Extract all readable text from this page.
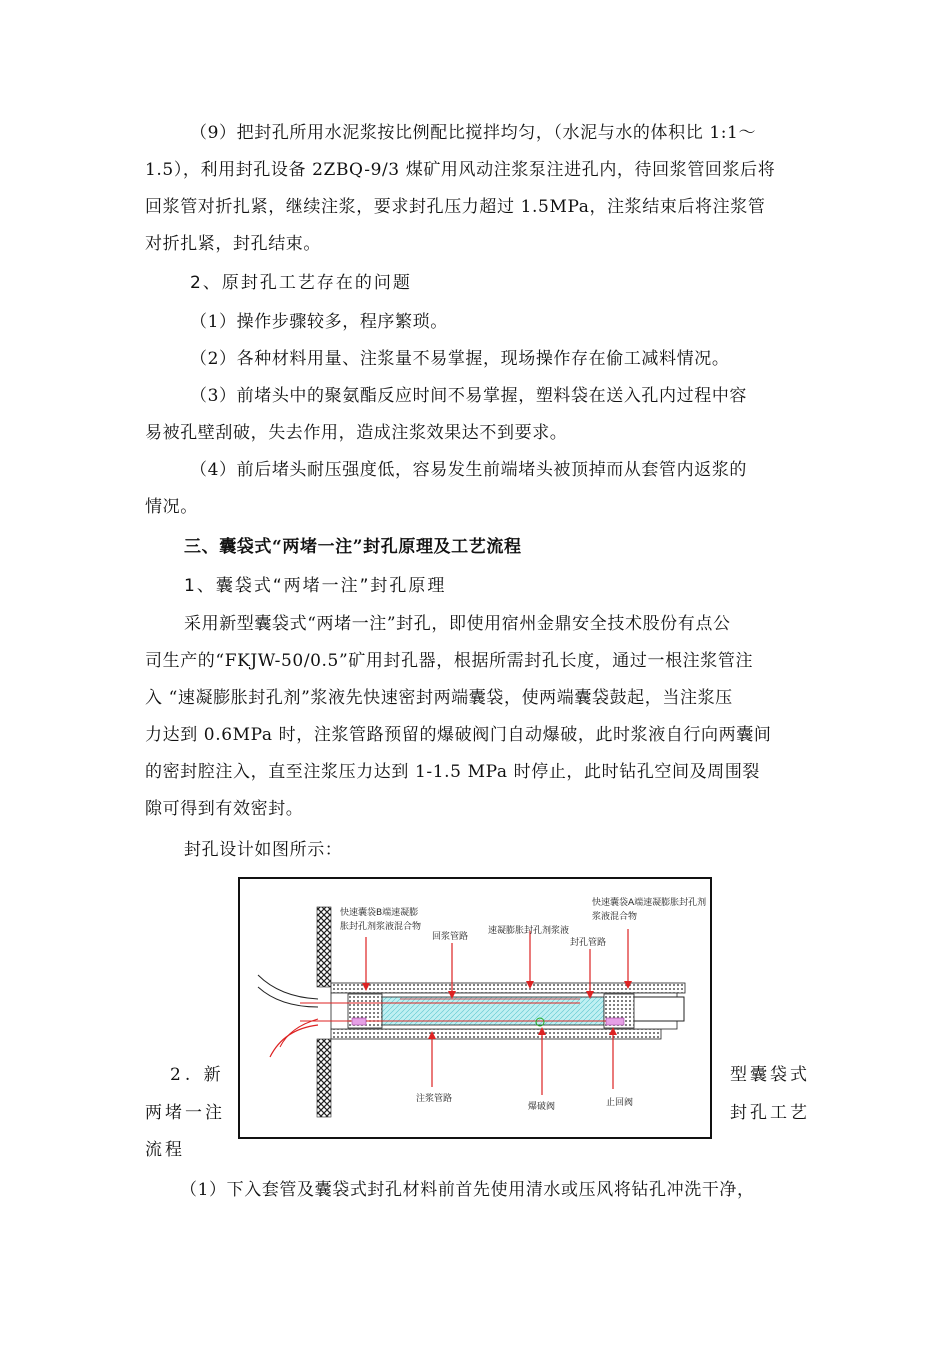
（9）把封孔所用水泥浆按比例配比搅拌均匀，（水泥与水的体积比 1:1～
1.5），利用封孔设备 2ZBQ-9/3 煤矿用风动注浆泵注进孔内，待回浆管回浆后将
回浆管对折扎紧，继续注浆，要求封孔压力超过 1.5MPa，注浆结束后将注浆管
对折扎紧，封孔结束。
2、原封孔工艺存在的问题
（1）操作步骤较多，程序繁琐。
（2）各种材料用量、注浆量不易掌握，现场操作存在偷工减料情况。
（3）前堵头中的聚氨酯反应时间不易掌握，塑料袋在送入孔内过程中容
易被孔壁刮破，失去作用，造成注浆效果达不到要求。
（4）前后堵头耐压强度低，容易发生前端堵头被顶掉而从套管内返浆的
情况。
三、囊袋式“两堵一注”封孔原理及工艺流程
1、囊袋式“两堵一注”封孔原理
采用新型囊袋式“两堵一注”封孔，即使用宿州金鼎安全技术股份有点公
司生产的“FKJW-50/0.5”矿用封孔器，根据所需封孔长度，通过一根注浆管注
入 “速凝膨胀封孔剂”浆液先快速密封两端囊袋，使两端囊袋鼓起，当注浆压
力达到 0.6MPa 时，注浆管路预留的爆破阀门自动爆破，此时浆液自行向两囊间
的密封腔注入，直至注浆压力达到 1-1.5 MPa 时停止，此时钻孔空间及周围裂
隙可得到有效密封。
封孔设计如图所示：
2. 新	型囊袋式
两堵一注	封孔工艺
流程
（1）下入套管及囊袋式封孔材料前首先使用清水或压风将钻孔冲洗干净，
快速囊袋B端速凝膨
胀封孔剂浆液混合物
回浆管路
速凝膨胀封孔剂浆液
封孔管路
快速囊袋A端速凝膨胀封孔剂
浆液混合物
注浆管路
爆破阀	止回阀
